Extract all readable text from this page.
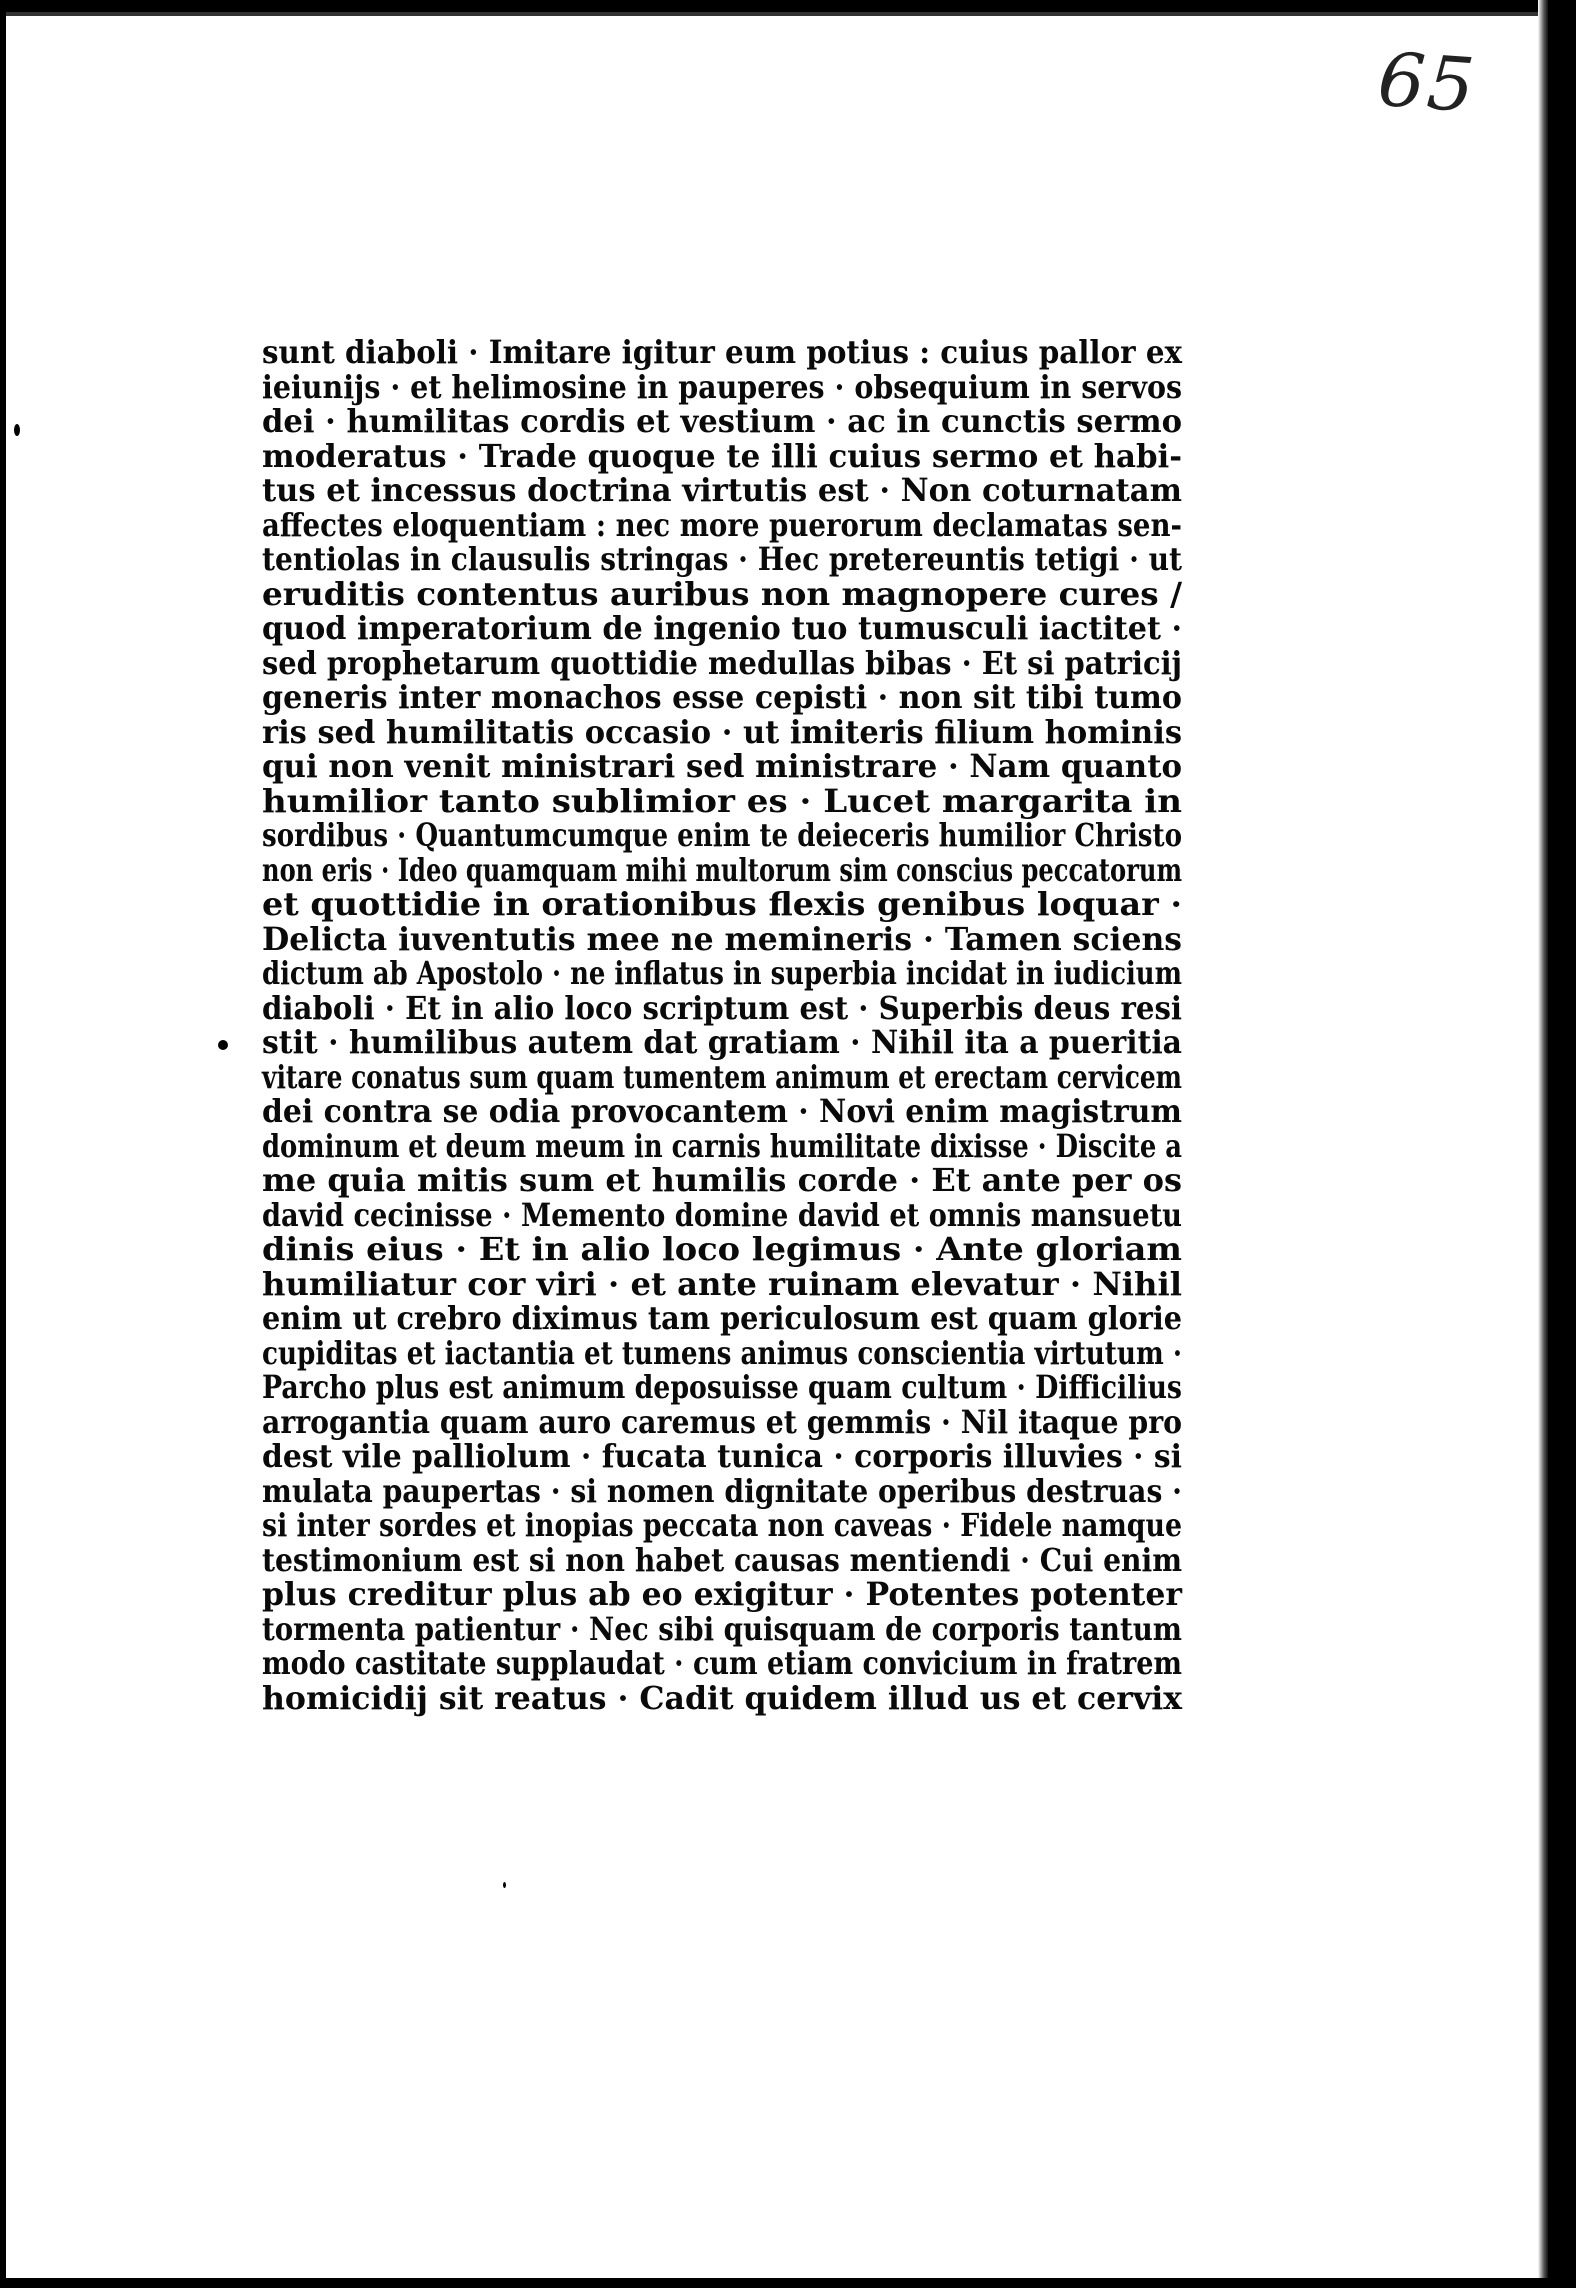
65
sunt diaboli · Imitare igitur eum potius : cuius pallor ex
ieiunijs · et helimosine in pauperes · obsequium in servos
dei · humilitas cordis et vestium · ac in cunctis sermo
moderatus · Trade quoque te illi cuius sermo et habi-
tus et incessus doctrina virtutis est · Non coturnatam
affectes eloquentiam : nec more puerorum declamatas sen-
tentiolas in clausulis stringas · Hec pretereuntis tetigi · ut
eruditis contentus auribus non magnopere cures /
quod imperatorium de ingenio tuo tumusculi iactitet ·
sed prophetarum quottidie medullas bibas · Et si patricij
generis inter monachos esse cepisti · non sit tibi tumo
ris sed humilitatis occasio · ut imiteris filium hominis
qui non venit ministrari sed ministrare · Nam quanto
humilior tanto sublimior es · Lucet margarita in
sordibus · Quantumcumque enim te deieceris humilior Christo
non eris · Ideo quamquam mihi multorum sim conscius peccatorum
et quottidie in orationibus flexis genibus loquar ·
Delicta iuventutis mee ne memineris · Tamen sciens
dictum ab Apostolo · ne inflatus in superbia incidat in iudicium
diaboli · Et in alio loco scriptum est · Superbis deus resi
stit · humilibus autem dat gratiam · Nihil ita a pueritia
vitare conatus sum quam tumentem animum et erectam cervicem
dei contra se odia provocantem · Novi enim magistrum
dominum et deum meum in carnis humilitate dixisse · Discite a
me quia mitis sum et humilis corde · Et ante per os
david cecinisse · Memento domine david et omnis mansuetu
dinis eius · Et in alio loco legimus · Ante gloriam
humiliatur cor viri · et ante ruinam elevatur · Nihil
enim ut crebro diximus tam periculosum est quam glorie
cupiditas et iactantia et tumens animus conscientia virtutum ·
Parcho plus est animum deposuisse quam cultum · Difficilius
arrogantia quam auro caremus et gemmis · Nil itaque pro
dest vile palliolum · fucata tunica · corporis illuvies · si
mulata paupertas · si nomen dignitate operibus destruas ·
si inter sordes et inopias peccata non caveas · Fidele namque
testimonium est si non habet causas mentiendi · Cui enim
plus creditur plus ab eo exigitur · Potentes potenter
tormenta patientur · Nec sibi quisquam de corporis tantum
modo castitate supplaudat · cum etiam convicium in fratrem
homicidij sit reatus · Cadit quidem illud us et cervix
